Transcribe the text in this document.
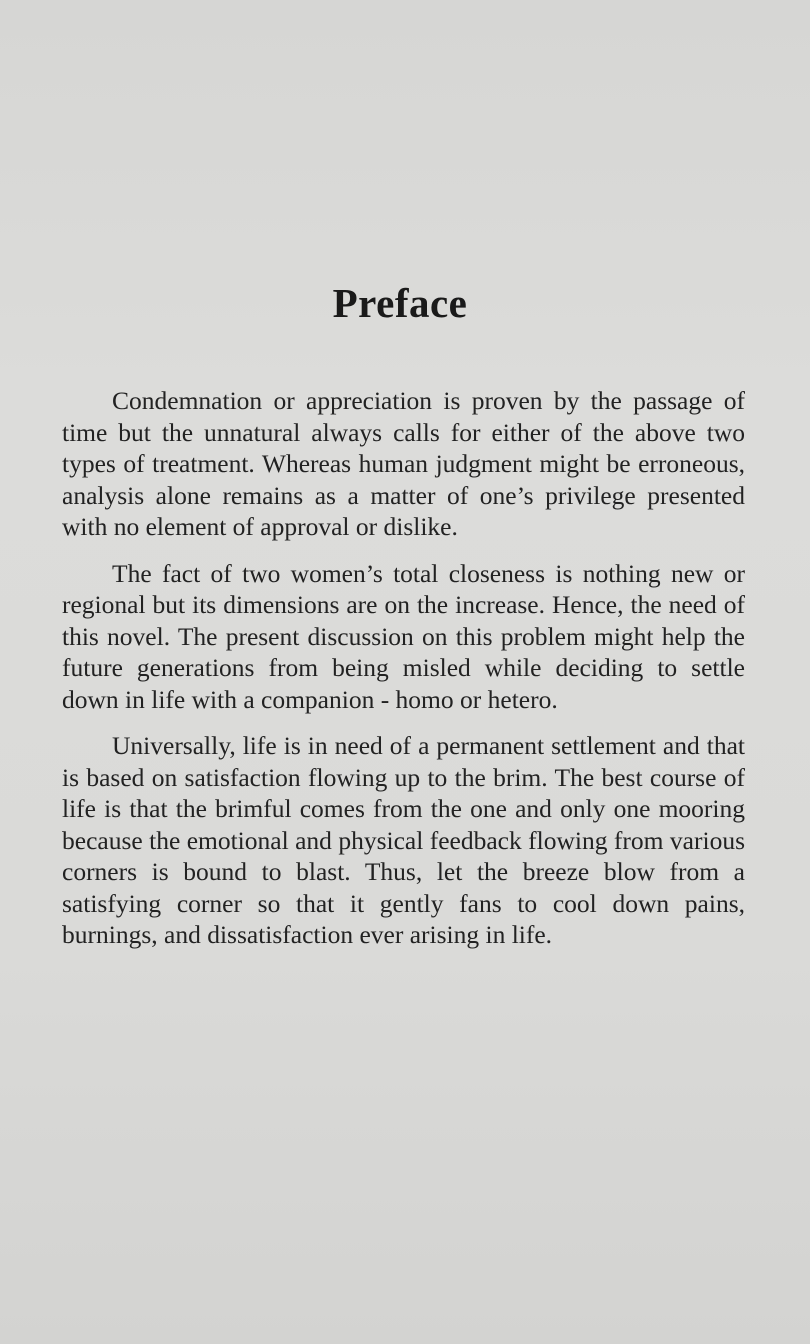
Preface

Condemnation or appreciation is proven by the passage of time but the unnatural always calls for either of the above two types of treatment. Whereas human judgment might be erroneous, analysis alone remains as a matter of one’s privilege presented with no element of approval or dislike.

The fact of two women’s total closeness is nothing new or regional but its dimensions are on the increase. Hence, the need of this novel. The present discussion on this problem might help the future generations from being misled while deciding to settle down in life with a companion - homo or hetero.

Universally, life is in need of a permanent settlement and that is based on satisfaction flowing up to the brim. The best course of life is that the brimful comes from the one and only one mooring because the emotional and physical feedback flowing from various corners is bound to blast. Thus, let the breeze blow from a satisfying corner so that it gently fans to cool down pains, burnings, and dissatisfaction ever arising in life.
